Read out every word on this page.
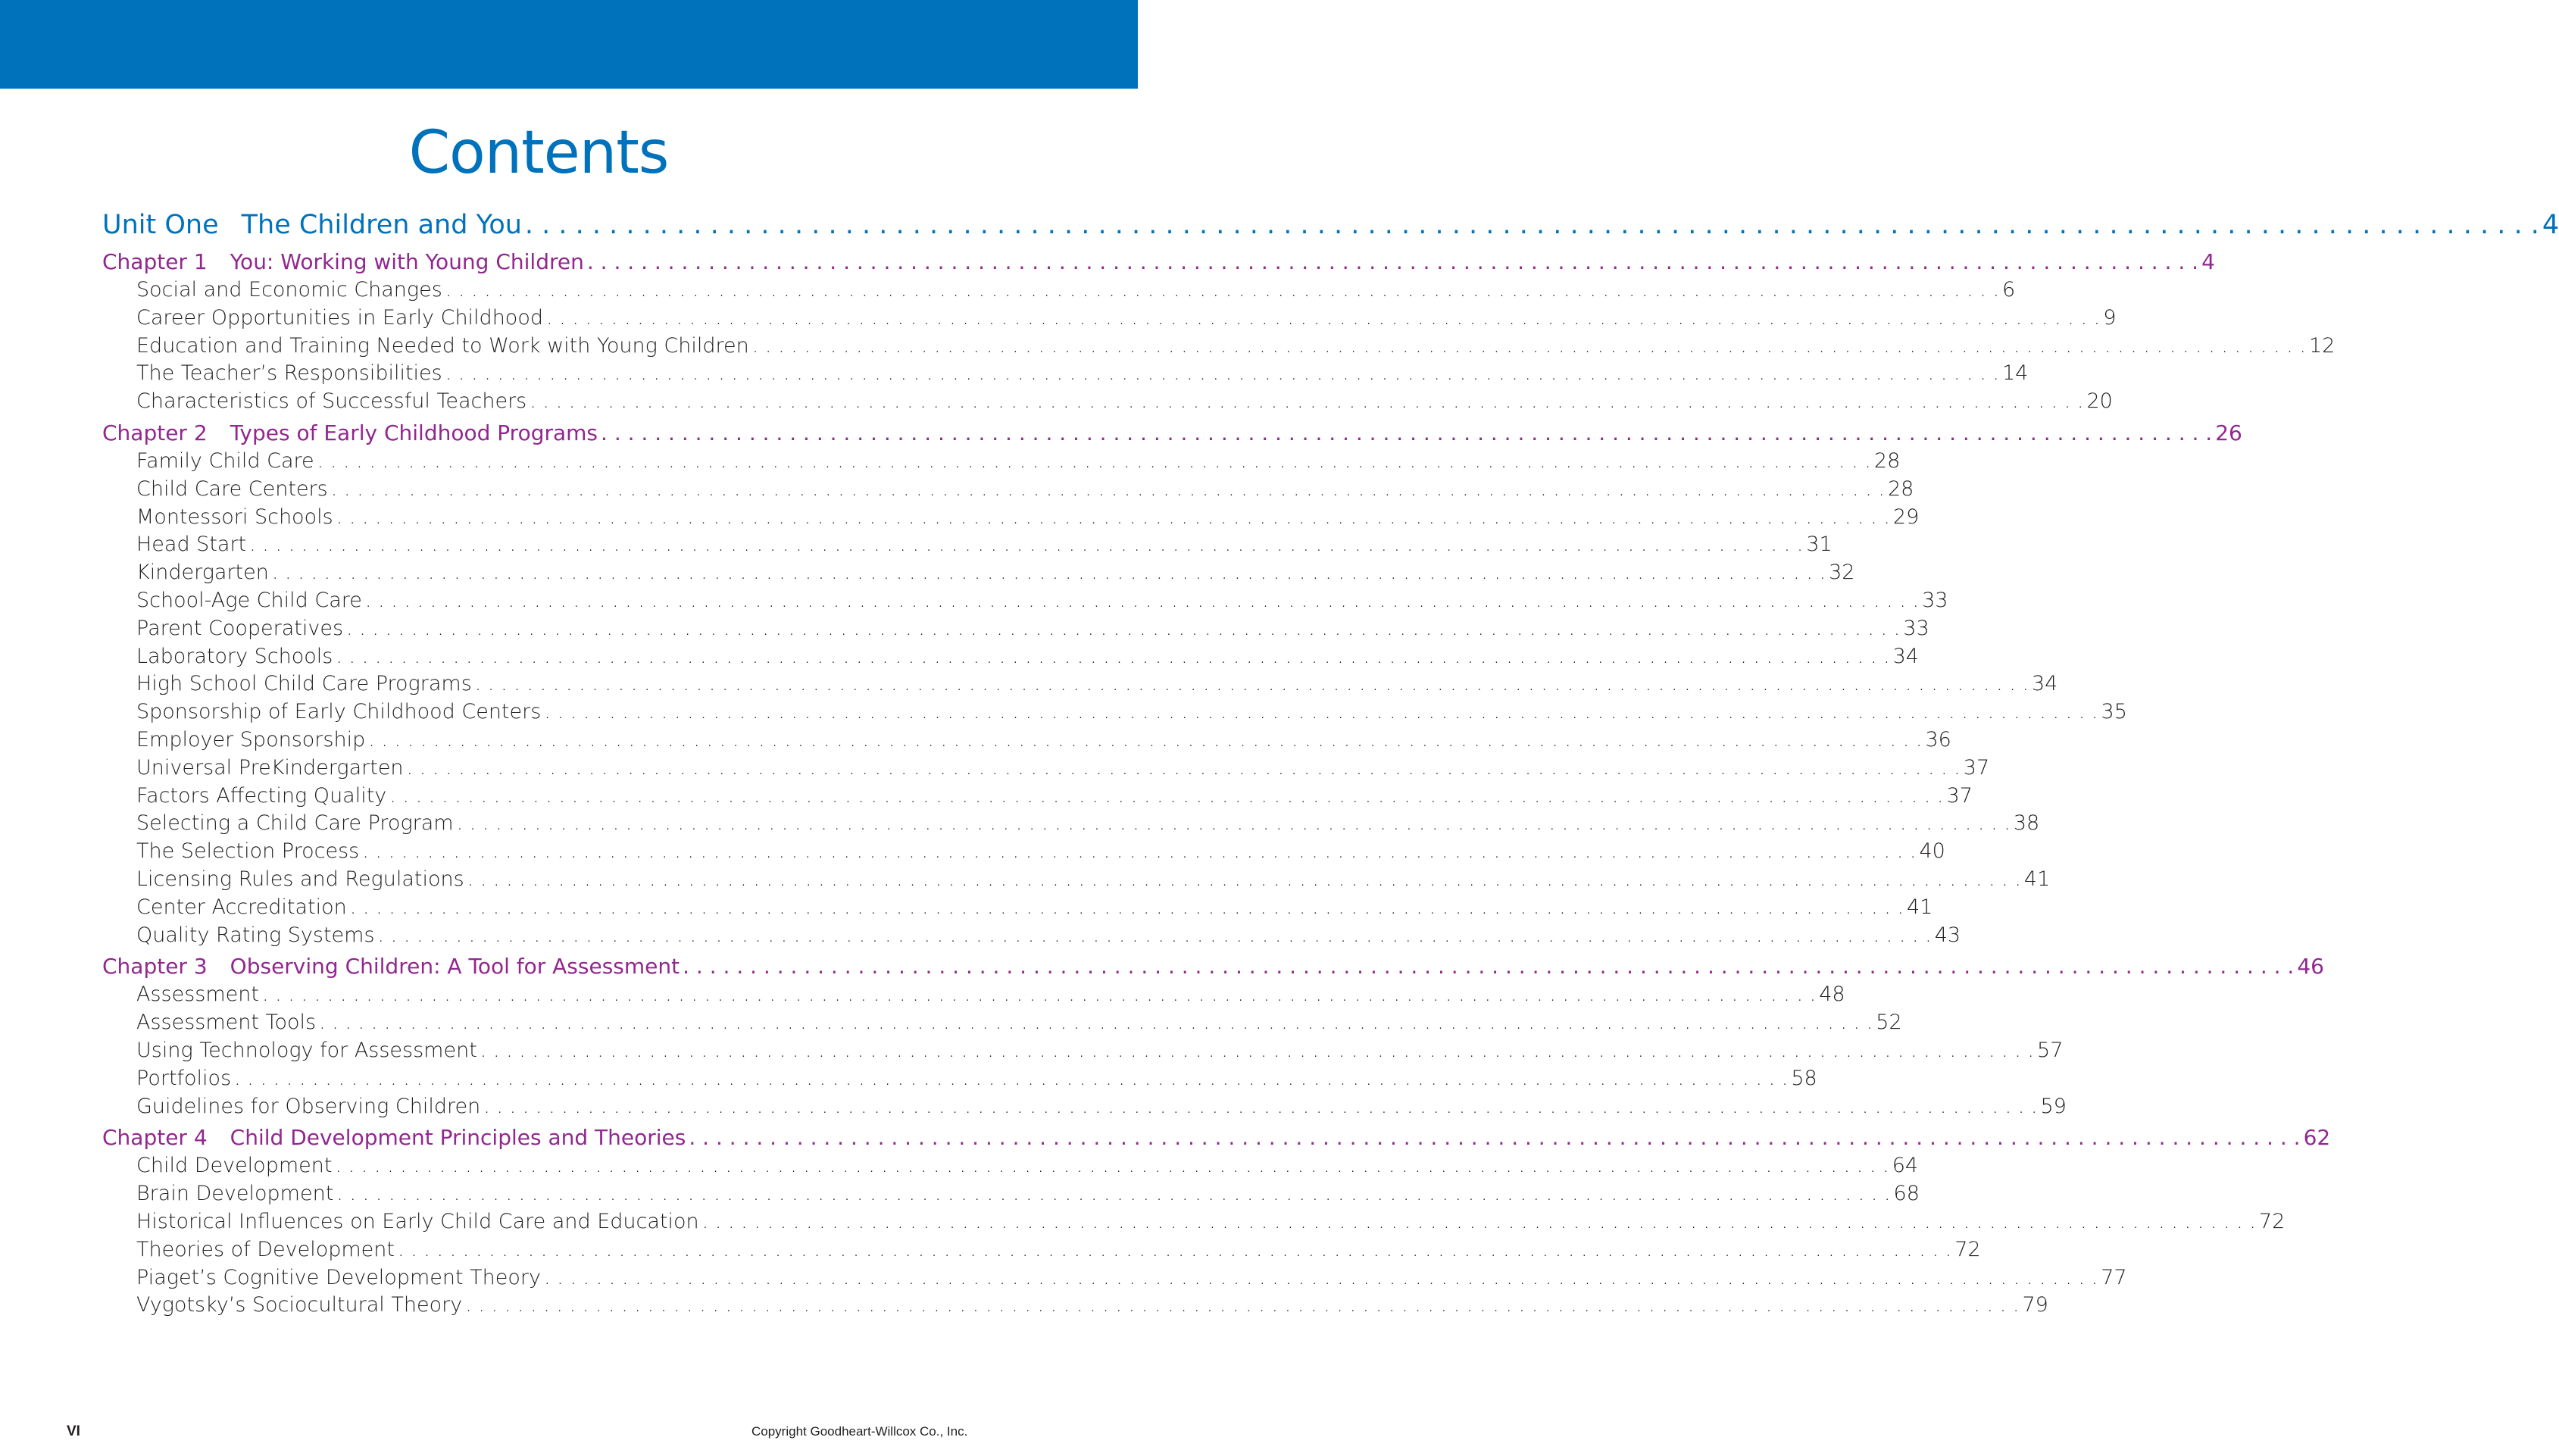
Contents
Unit One The Children and You . . . . . . . . . . . . . . . . . . . . . . . . . . . . . . . . . . . . . . . . . . . . . . . . . . . . . . . . . . . . . . . . . . . . . . . . . . . . . . . . . . . . . . . . . . . . . . . . . . . . . . . . . . . . . . . . . . . . . . . . 4
Chapter 1 You: Working with Young Children . . . . . . . . . . . . . . . . . . . . . . . . . . . . . . . . . . . . . . . . . . . . . . . . . . . . . . . . . . . . . . . . . . . . . . . . . . . . . . . . . . . . . . . . . . . . . . . . . . . . . . . . . . . . . . . . . . . . . . . . 4
Social and Economic Changes . . . . . . . . . . . . . . . . . . . . . . . . . . . . . . . . . . . . . . . . . . . . . . . . . . . . . . . . . . . . . . . . . . . . . . . . . . . . . . . . . . . . . . . . . . . . . . . . . . . . . . . . . . . . . . . . . . . . . . . . 6
Career Opportunities in Early Childhood . . . . . . . . . . . . . . . . . . . . . . . . . . . . . . . . . . . . . . . . . . . . . . . . . . . . . . . . . . . . . . . . . . . . . . . . . . . . . . . . . . . . . . . . . . . . . . . . . . . . . . . . . . . . . . . . . . . . . . . . 9
Education and Training Needed to Work with Young Children . . . . . . . . . . . . . . . . . . . . . . . . . . . . . . . . . . . . . . . . . . . . . . . . . . . . . . . . . . . . . . . . . . . . . . . . . . . . . . . . . . . . . . . . . . . . . . . . . . . . . . . . . . . . . . . . . . . . . . . . 12
The Teacher’s Responsibilities . . . . . . . . . . . . . . . . . . . . . . . . . . . . . . . . . . . . . . . . . . . . . . . . . . . . . . . . . . . . . . . . . . . . . . . . . . . . . . . . . . . . . . . . . . . . . . . . . . . . . . . . . . . . . . . . . . . . . . . . 14
Characteristics of Successful Teachers . . . . . . . . . . . . . . . . . . . . . . . . . . . . . . . . . . . . . . . . . . . . . . . . . . . . . . . . . . . . . . . . . . . . . . . . . . . . . . . . . . . . . . . . . . . . . . . . . . . . . . . . . . . . . . . . . . . . . . . . 20
Chapter 2 Types of Early Childhood Programs . . . . . . . . . . . . . . . . . . . . . . . . . . . . . . . . . . . . . . . . . . . . . . . . . . . . . . . . . . . . . . . . . . . . . . . . . . . . . . . . . . . . . . . . . . . . . . . . . . . . . . . . . . . . . . . . . . . . . . . . 26
Family Child Care . . . . . . . . . . . . . . . . . . . . . . . . . . . . . . . . . . . . . . . . . . . . . . . . . . . . . . . . . . . . . . . . . . . . . . . . . . . . . . . . . . . . . . . . . . . . . . . . . . . . . . . . . . . . . . . . . . . . . . . . 28
Child Care Centers . . . . . . . . . . . . . . . . . . . . . . . . . . . . . . . . . . . . . . . . . . . . . . . . . . . . . . . . . . . . . . . . . . . . . . . . . . . . . . . . . . . . . . . . . . . . . . . . . . . . . . . . . . . . . . . . . . . . . . . . 28
Montessori Schools . . . . . . . . . . . . . . . . . . . . . . . . . . . . . . . . . . . . . . . . . . . . . . . . . . . . . . . . . . . . . . . . . . . . . . . . . . . . . . . . . . . . . . . . . . . . . . . . . . . . . . . . . . . . . . . . . . . . . . . . 29
Head Start . . . . . . . . . . . . . . . . . . . . . . . . . . . . . . . . . . . . . . . . . . . . . . . . . . . . . . . . . . . . . . . . . . . . . . . . . . . . . . . . . . . . . . . . . . . . . . . . . . . . . . . . . . . . . . . . . . . . . . . . 31
Kindergarten . . . . . . . . . . . . . . . . . . . . . . . . . . . . . . . . . . . . . . . . . . . . . . . . . . . . . . . . . . . . . . . . . . . . . . . . . . . . . . . . . . . . . . . . . . . . . . . . . . . . . . . . . . . . . . . . . . . . . . . . 32
School-Age Child Care . . . . . . . . . . . . . . . . . . . . . . . . . . . . . . . . . . . . . . . . . . . . . . . . . . . . . . . . . . . . . . . . . . . . . . . . . . . . . . . . . . . . . . . . . . . . . . . . . . . . . . . . . . . . . . . . . . . . . . . . 33
Parent Cooperatives . . . . . . . . . . . . . . . . . . . . . . . . . . . . . . . . . . . . . . . . . . . . . . . . . . . . . . . . . . . . . . . . . . . . . . . . . . . . . . . . . . . . . . . . . . . . . . . . . . . . . . . . . . . . . . . . . . . . . . . . 33
Laboratory Schools . . . . . . . . . . . . . . . . . . . . . . . . . . . . . . . . . . . . . . . . . . . . . . . . . . . . . . . . . . . . . . . . . . . . . . . . . . . . . . . . . . . . . . . . . . . . . . . . . . . . . . . . . . . . . . . . . . . . . . . . 34
High School Child Care Programs . . . . . . . . . . . . . . . . . . . . . . . . . . . . . . . . . . . . . . . . . . . . . . . . . . . . . . . . . . . . . . . . . . . . . . . . . . . . . . . . . . . . . . . . . . . . . . . . . . . . . . . . . . . . . . . . . . . . . . . . 34
Sponsorship of Early Childhood Centers . . . . . . . . . . . . . . . . . . . . . . . . . . . . . . . . . . . . . . . . . . . . . . . . . . . . . . . . . . . . . . . . . . . . . . . . . . . . . . . . . . . . . . . . . . . . . . . . . . . . . . . . . . . . . . . . . . . . . . . . 35
Employer Sponsorship . . . . . . . . . . . . . . . . . . . . . . . . . . . . . . . . . . . . . . . . . . . . . . . . . . . . . . . . . . . . . . . . . . . . . . . . . . . . . . . . . . . . . . . . . . . . . . . . . . . . . . . . . . . . . . . . . . . . . . . . 36
Universal PreKindergarten . . . . . . . . . . . . . . . . . . . . . . . . . . . . . . . . . . . . . . . . . . . . . . . . . . . . . . . . . . . . . . . . . . . . . . . . . . . . . . . . . . . . . . . . . . . . . . . . . . . . . . . . . . . . . . . . . . . . . . . . 37
Factors Affecting Quality . . . . . . . . . . . . . . . . . . . . . . . . . . . . . . . . . . . . . . . . . . . . . . . . . . . . . . . . . . . . . . . . . . . . . . . . . . . . . . . . . . . . . . . . . . . . . . . . . . . . . . . . . . . . . . . . . . . . . . . . 37
Selecting a Child Care Program . . . . . . . . . . . . . . . . . . . . . . . . . . . . . . . . . . . . . . . . . . . . . . . . . . . . . . . . . . . . . . . . . . . . . . . . . . . . . . . . . . . . . . . . . . . . . . . . . . . . . . . . . . . . . . . . . . . . . . . . 38
The Selection Process . . . . . . . . . . . . . . . . . . . . . . . . . . . . . . . . . . . . . . . . . . . . . . . . . . . . . . . . . . . . . . . . . . . . . . . . . . . . . . . . . . . . . . . . . . . . . . . . . . . . . . . . . . . . . . . . . . . . . . . . 40
Licensing Rules and Regulations . . . . . . . . . . . . . . . . . . . . . . . . . . . . . . . . . . . . . . . . . . . . . . . . . . . . . . . . . . . . . . . . . . . . . . . . . . . . . . . . . . . . . . . . . . . . . . . . . . . . . . . . . . . . . . . . . . . . . . . . 41
Center Accreditation . . . . . . . . . . . . . . . . . . . . . . . . . . . . . . . . . . . . . . . . . . . . . . . . . . . . . . . . . . . . . . . . . . . . . . . . . . . . . . . . . . . . . . . . . . . . . . . . . . . . . . . . . . . . . . . . . . . . . . . . 41
Quality Rating Systems . . . . . . . . . . . . . . . . . . . . . . . . . . . . . . . . . . . . . . . . . . . . . . . . . . . . . . . . . . . . . . . . . . . . . . . . . . . . . . . . . . . . . . . . . . . . . . . . . . . . . . . . . . . . . . . . . . . . . . . . 43
Chapter 3 Observing Children: A Tool for Assessment . . . . . . . . . . . . . . . . . . . . . . . . . . . . . . . . . . . . . . . . . . . . . . . . . . . . . . . . . . . . . . . . . . . . . . . . . . . . . . . . . . . . . . . . . . . . . . . . . . . . . . . . . . . . . . . . . . . . . . . . 46
Assessment . . . . . . . . . . . . . . . . . . . . . . . . . . . . . . . . . . . . . . . . . . . . . . . . . . . . . . . . . . . . . . . . . . . . . . . . . . . . . . . . . . . . . . . . . . . . . . . . . . . . . . . . . . . . . . . . . . . . . . . . 48
Assessment Tools . . . . . . . . . . . . . . . . . . . . . . . . . . . . . . . . . . . . . . . . . . . . . . . . . . . . . . . . . . . . . . . . . . . . . . . . . . . . . . . . . . . . . . . . . . . . . . . . . . . . . . . . . . . . . . . . . . . . . . . . 52
Using Technology for Assessment . . . . . . . . . . . . . . . . . . . . . . . . . . . . . . . . . . . . . . . . . . . . . . . . . . . . . . . . . . . . . . . . . . . . . . . . . . . . . . . . . . . . . . . . . . . . . . . . . . . . . . . . . . . . . . . . . . . . . . . . 57
Portfolios . . . . . . . . . . . . . . . . . . . . . . . . . . . . . . . . . . . . . . . . . . . . . . . . . . . . . . . . . . . . . . . . . . . . . . . . . . . . . . . . . . . . . . . . . . . . . . . . . . . . . . . . . . . . . . . . . . . . . . . . 58
Guidelines for Observing Children . . . . . . . . . . . . . . . . . . . . . . . . . . . . . . . . . . . . . . . . . . . . . . . . . . . . . . . . . . . . . . . . . . . . . . . . . . . . . . . . . . . . . . . . . . . . . . . . . . . . . . . . . . . . . . . . . . . . . . . . 59
Chapter 4 Child Development Principles and Theories . . . . . . . . . . . . . . . . . . . . . . . . . . . . . . . . . . . . . . . . . . . . . . . . . . . . . . . . . . . . . . . . . . . . . . . . . . . . . . . . . . . . . . . . . . . . . . . . . . . . . . . . . . . . . . . . . . . . . . . . 62
Child Development . . . . . . . . . . . . . . . . . . . . . . . . . . . . . . . . . . . . . . . . . . . . . . . . . . . . . . . . . . . . . . . . . . . . . . . . . . . . . . . . . . . . . . . . . . . . . . . . . . . . . . . . . . . . . . . . . . . . . . . . 64
Brain Development . . . . . . . . . . . . . . . . . . . . . . . . . . . . . . . . . . . . . . . . . . . . . . . . . . . . . . . . . . . . . . . . . . . . . . . . . . . . . . . . . . . . . . . . . . . . . . . . . . . . . . . . . . . . . . . . . . . . . . . . 68
Historical Influences on Early Child Care and Education . . . . . . . . . . . . . . . . . . . . . . . . . . . . . . . . . . . . . . . . . . . . . . . . . . . . . . . . . . . . . . . . . . . . . . . . . . . . . . . . . . . . . . . . . . . . . . . . . . . . . . . . . . . . . . . . . . . . . . . . 72
Theories of Development . . . . . . . . . . . . . . . . . . . . . . . . . . . . . . . . . . . . . . . . . . . . . . . . . . . . . . . . . . . . . . . . . . . . . . . . . . . . . . . . . . . . . . . . . . . . . . . . . . . . . . . . . . . . . . . . . . . . . . . . 72
Piaget’s Cognitive Development Theory . . . . . . . . . . . . . . . . . . . . . . . . . . . . . . . . . . . . . . . . . . . . . . . . . . . . . . . . . . . . . . . . . . . . . . . . . . . . . . . . . . . . . . . . . . . . . . . . . . . . . . . . . . . . . . . . . . . . . . . . 77
Vygotsky’s Sociocultural Theory . . . . . . . . . . . . . . . . . . . . . . . . . . . . . . . . . . . . . . . . . . . . . . . . . . . . . . . . . . . . . . . . . . . . . . . . . . . . . . . . . . . . . . . . . . . . . . . . . . . . . . . . . . . . . . . . . . . . . . . . 79
VI	Copyright Goodheart-Willcox Co., Inc.
